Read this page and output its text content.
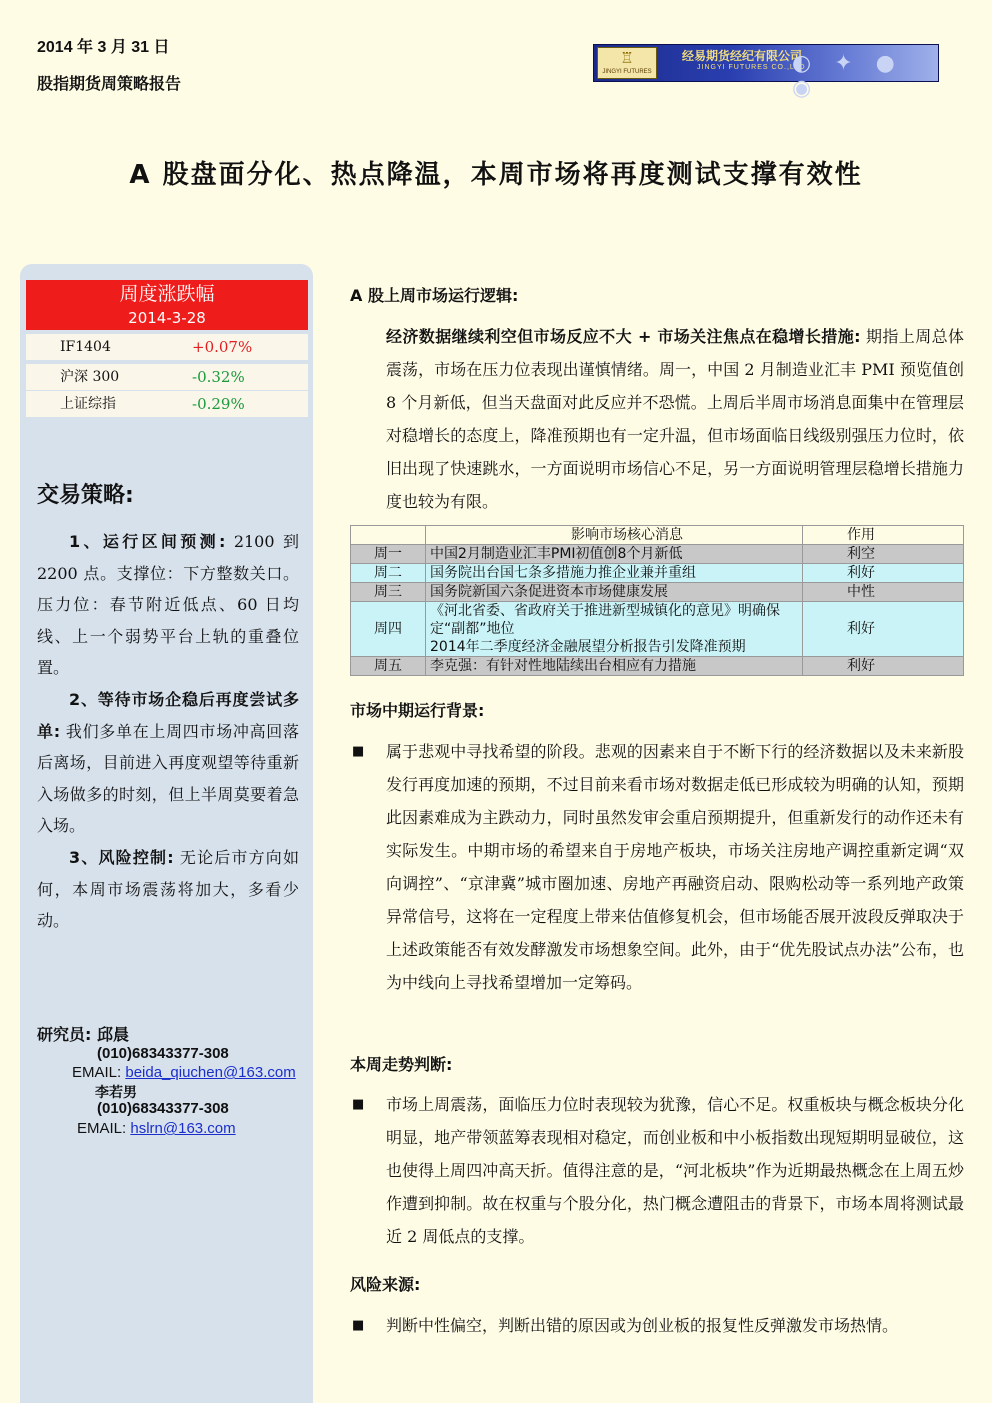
2014 年 3 月 31 日
股指期货周策略报告
♖
JINGYI FUTURES
经易期货经纪有限公司
JINGYI FUTURES CO.,LTD
◐ ✦ ● ◉
A 股盘面分化、热点降温，本周市场将再度测试支撑有效性
周度涨跌幅
2014-3-28
IF1404	+0.07%
沪深 300	-0.32%
上证综指	-0.29%
交易策略:
1、运行区间预测: 2100 到 2200 点。支撑位：下方整数关口。压力位：春节附近低点、60 日均线、上一个弱势平台上轨的重叠位置。
2、等待市场企稳后再度尝试多单: 我们多单在上周四市场冲高回落后离场，目前进入再度观望等待重新入场做多的时刻，但上半周莫要着急入场。
3、风险控制: 无论后市方向如何，本周市场震荡将加大，多看少动。
研究员: 邱晨
(010)68343377-308
EMAIL: beida_qiuchen@163.com
李若男
(010)68343377-308
EMAIL: hslrn@163.com
A 股上周市场运行逻辑:
经济数据继续利空但市场反应不大 + 市场关注焦点在稳增长措施: 期指上周总体震荡，市场在压力位表现出谨慎情绪。周一，中国 2 月制造业汇丰 PMI 预览值创 8 个月新低，但当天盘面对此反应并不恐慌。上周后半周市场消息面集中在管理层对稳增长的态度上，降准预期也有一定升温，但市场面临日线级别强压力位时，依旧出现了快速跳水，一方面说明市场信心不足，另一方面说明管理层稳增长措施力度也较为有限。
	影响市场核心消息	作用
周一	中国2月制造业汇丰PMI初值创8个月新低	利空
周二	国务院出台国七条多措施力推企业兼并重组	利好
周三	国务院新国六条促进资本市场健康发展	中性
周四	《河北省委、省政府关于推进新型城镇化的意见》明确保定“副都”地位
2014年二季度经济金融展望分析报告引发降准预期	利好
周五	李克强：有针对性地陆续出台相应有力措施	利好
市场中期运行背景:
■ 属于悲观中寻找希望的阶段。悲观的因素来自于不断下行的经济数据以及未来新股发行再度加速的预期，不过目前来看市场对数据走低已形成较为明确的认知，预期此因素难成为主跌动力，同时虽然发审会重启预期提升，但重新发行的动作还未有实际发生。中期市场的希望来自于房地产板块，市场关注房地产调控重新定调“双向调控”、“京津冀”城市圈加速、房地产再融资启动、限购松动等一系列地产政策异常信号，这将在一定程度上带来估值修复机会，但市场能否展开波段反弹取决于上述政策能否有效发酵激发市场想象空间。此外，由于“优先股试点办法”公布，也为中线向上寻找希望增加一定筹码。
本周走势判断:
■ 市场上周震荡，面临压力位时表现较为犹豫，信心不足。权重板块与概念板块分化明显，地产带领蓝筹表现相对稳定，而创业板和中小板指数出现短期明显破位，这也使得上周四冲高天折。值得注意的是，“河北板块”作为近期最热概念在上周五炒作遭到抑制。故在权重与个股分化，热门概念遭阻击的背景下，市场本周将测试最近 2 周低点的支撑。
风险来源:
■ 判断中性偏空，判断出错的原因或为创业板的报复性反弹激发市场热情。
